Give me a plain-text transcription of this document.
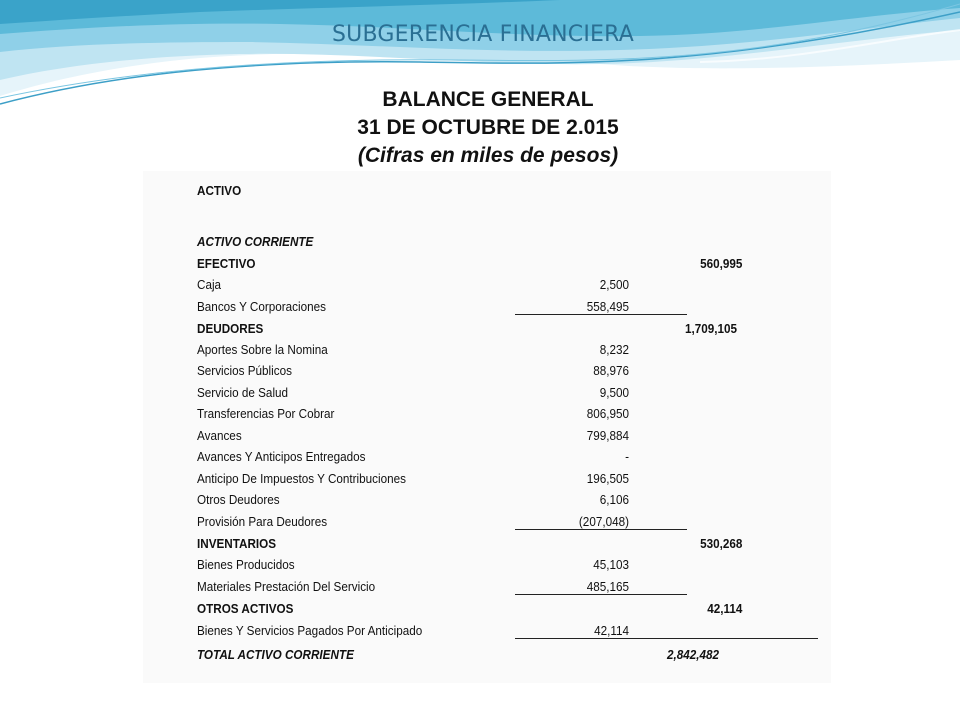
SUBGERENCIA FINANCIERA
BALANCE GENERAL
31 DE OCTUBRE DE 2.015
(Cifras en miles de pesos)
ACTIVO
ACTIVO CORRIENTE
EFECTIVO	560,995
Caja	2,500
Bancos Y Corporaciones	558,495
DEUDORES	1,709,105
Aportes Sobre la Nomina	8,232
Servicios Públicos	88,976
Servicio de Salud	9,500
Transferencias Por Cobrar	806,950
Avances	799,884
Avances Y Anticipos Entregados	-
Anticipo De Impuestos Y Contribuciones	196,505
Otros Deudores	6,106
Provisión Para Deudores	(207,048)
INVENTARIOS	530,268
Bienes Producidos	45,103
Materiales Prestación Del Servicio	485,165
OTROS ACTIVOS	42,114
Bienes Y Servicios Pagados Por Anticipado	42,114
TOTAL ACTIVO CORRIENTE	2,842,482
